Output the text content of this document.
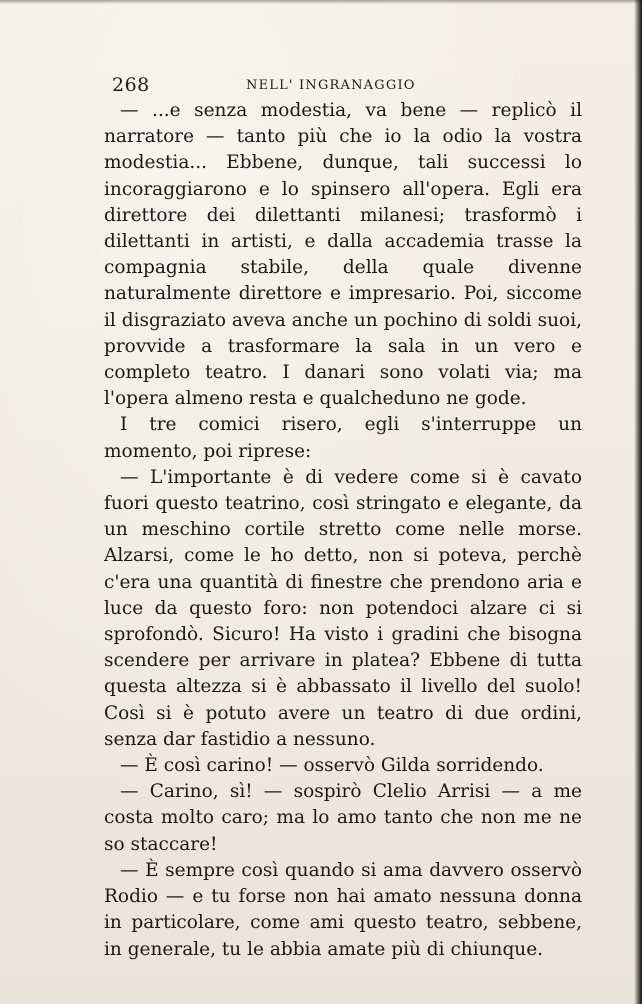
268	NELL' INGRANAGGIO

— ...e senza modestia, va bene — replicò il narratore — tanto più che io la odio la vostra modestia... Ebbene, dunque, tali successi lo incoraggiarono e lo spinsero all'opera. Egli era direttore dei dilettanti milanesi; trasformò i dilettanti in artisti, e dalla accademia trasse la compagnia stabile, della quale divenne naturalmente direttore e impresario. Poi, siccome il disgraziato aveva anche un pochino di soldi suoi, provvide a trasformare la sala in un vero e completo teatro. I danari sono volati via; ma l'opera almeno resta e qualcheduno ne gode.

I tre comici risero, egli s'interruppe un momento, poi riprese:

— L'importante è di vedere come si è cavato fuori questo teatrino, così stringato e elegante, da un meschino cortile stretto come nelle morse. Alzarsi, come le ho detto, non si poteva, perchè c'era una quantità di finestre che prendono aria e luce da questo foro: non potendoci alzare ci si sprofondò. Sicuro! Ha visto i gradini che bisogna scendere per arrivare in platea? Ebbene di tutta questa altezza si è abbassato il livello del suolo! Così si è potuto avere un teatro di due ordini, senza dar fastidio a nessuno.

— È così carino! — osservò Gilda sorridendo.

— Carino, sì! — sospirò Clelio Arrisi — a me costa molto caro; ma lo amo tanto che non me ne so staccare!

— È sempre così quando si ama davvero osservò Rodio — e tu forse non hai amato nessuna donna in particolare, come ami questo teatro, sebbene, in generale, tu le abbia amate più di chiunque.
